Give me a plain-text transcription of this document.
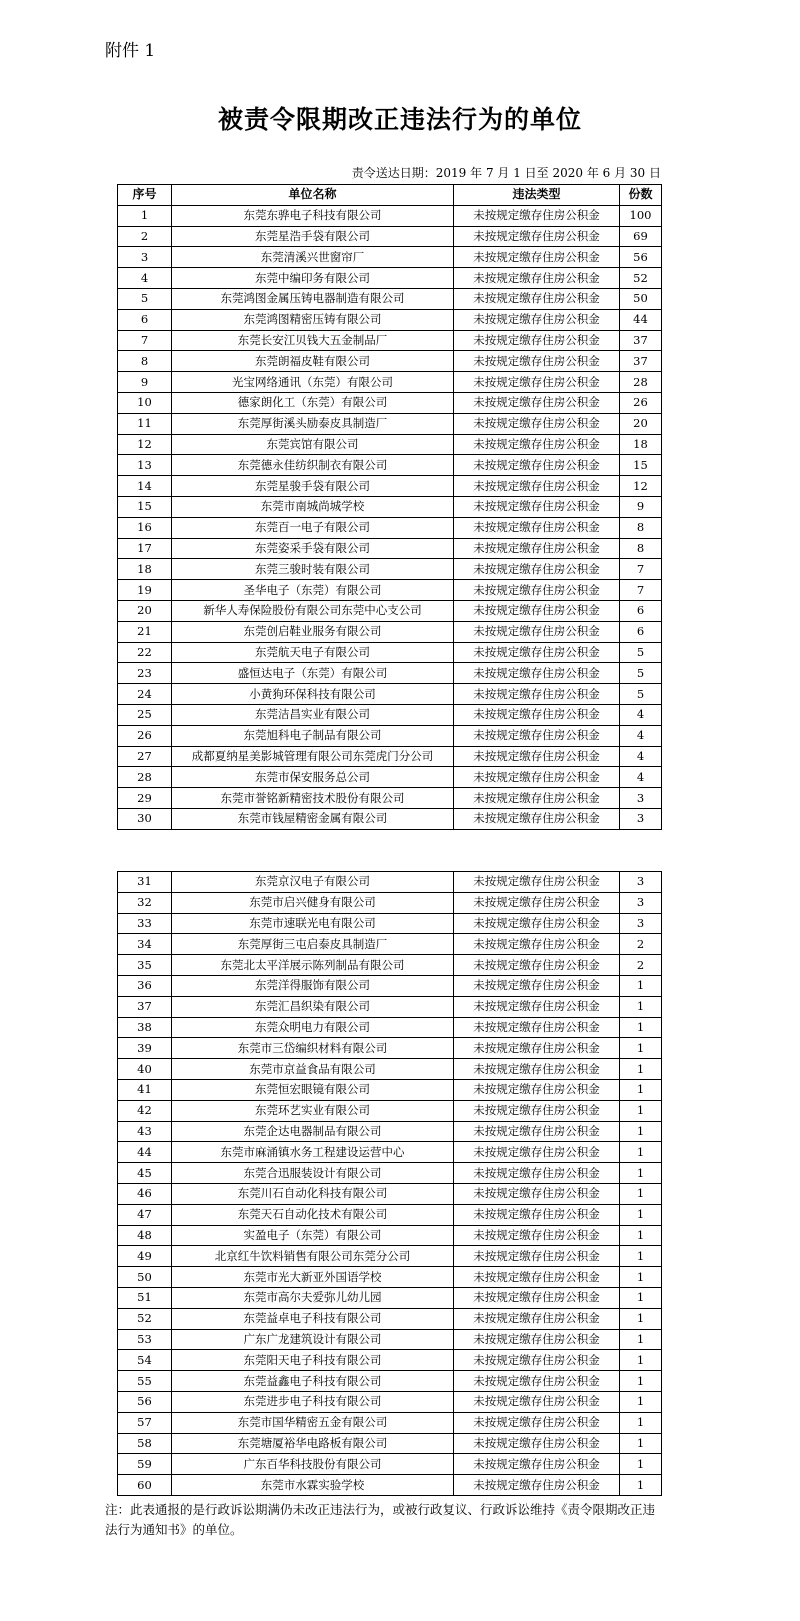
附件 1
被责令限期改正违法行为的单位
责令送达日期：2019 年 7 月 1 日至 2020 年 6 月 30 日
序号	单位名称	违法类型	份数
1	东莞东骅电子科技有限公司	未按规定缴存住房公积金	100
2	东莞星浩手袋有限公司	未按规定缴存住房公积金	69
3	东莞清溪兴世窗帘厂	未按规定缴存住房公积金	56
4	东莞中编印务有限公司	未按规定缴存住房公积金	52
5	东莞鸿图金属压铸电器制造有限公司	未按规定缴存住房公积金	50
6	东莞鸿图精密压铸有限公司	未按规定缴存住房公积金	44
7	东莞长安江贝钱大五金制品厂	未按规定缴存住房公积金	37
8	东莞朗福皮鞋有限公司	未按规定缴存住房公积金	37
9	光宝网络通讯（东莞）有限公司	未按规定缴存住房公积金	28
10	德家朗化工（东莞）有限公司	未按规定缴存住房公积金	26
11	东莞厚街溪头励泰皮具制造厂	未按规定缴存住房公积金	20
12	东莞宾馆有限公司	未按规定缴存住房公积金	18
13	东莞德永佳纺织制衣有限公司	未按规定缴存住房公积金	15
14	东莞星骏手袋有限公司	未按规定缴存住房公积金	12
15	东莞市南城尚城学校	未按规定缴存住房公积金	9
16	东莞百一电子有限公司	未按规定缴存住房公积金	8
17	东莞姿采手袋有限公司	未按规定缴存住房公积金	8
18	东莞三骏时装有限公司	未按规定缴存住房公积金	7
19	圣华电子（东莞）有限公司	未按规定缴存住房公积金	7
20	新华人寿保险股份有限公司东莞中心支公司	未按规定缴存住房公积金	6
21	东莞创启鞋业服务有限公司	未按规定缴存住房公积金	6
22	东莞航天电子有限公司	未按规定缴存住房公积金	5
23	盛恒达电子（东莞）有限公司	未按规定缴存住房公积金	5
24	小黄狗环保科技有限公司	未按规定缴存住房公积金	5
25	东莞洁昌实业有限公司	未按规定缴存住房公积金	4
26	东莞旭科电子制品有限公司	未按规定缴存住房公积金	4
27	成都夏纳星美影城管理有限公司东莞虎门分公司	未按规定缴存住房公积金	4
28	东莞市保安服务总公司	未按规定缴存住房公积金	4
29	东莞市誉铭新精密技术股份有限公司	未按规定缴存住房公积金	3
30	东莞市钱屋精密金属有限公司	未按规定缴存住房公积金	3
31	东莞京汉电子有限公司	未按规定缴存住房公积金	3
32	东莞市启兴健身有限公司	未按规定缴存住房公积金	3
33	东莞市速联光电有限公司	未按规定缴存住房公积金	3
34	东莞厚街三屯启泰皮具制造厂	未按规定缴存住房公积金	2
35	东莞北太平洋展示陈列制品有限公司	未按规定缴存住房公积金	2
36	东莞洋得服饰有限公司	未按规定缴存住房公积金	1
37	东莞汇昌织染有限公司	未按规定缴存住房公积金	1
38	东莞众明电力有限公司	未按规定缴存住房公积金	1
39	东莞市三岱编织材料有限公司	未按规定缴存住房公积金	1
40	东莞市京益食品有限公司	未按规定缴存住房公积金	1
41	东莞恒宏眼镜有限公司	未按规定缴存住房公积金	1
42	东莞环艺实业有限公司	未按规定缴存住房公积金	1
43	东莞企达电器制品有限公司	未按规定缴存住房公积金	1
44	东莞市麻涌镇水务工程建设运营中心	未按规定缴存住房公积金	1
45	东莞合迅服装设计有限公司	未按规定缴存住房公积金	1
46	东莞川石自动化科技有限公司	未按规定缴存住房公积金	1
47	东莞天石自动化技术有限公司	未按规定缴存住房公积金	1
48	实盈电子（东莞）有限公司	未按规定缴存住房公积金	1
49	北京红牛饮料销售有限公司东莞分公司	未按规定缴存住房公积金	1
50	东莞市光大新亚外国语学校	未按规定缴存住房公积金	1
51	东莞市高尔夫爱弥儿幼儿园	未按规定缴存住房公积金	1
52	东莞益卓电子科技有限公司	未按规定缴存住房公积金	1
53	广东广龙建筑设计有限公司	未按规定缴存住房公积金	1
54	东莞阳天电子科技有限公司	未按规定缴存住房公积金	1
55	东莞益鑫电子科技有限公司	未按规定缴存住房公积金	1
56	东莞进步电子科技有限公司	未按规定缴存住房公积金	1
57	东莞市国华精密五金有限公司	未按规定缴存住房公积金	1
58	东莞塘厦裕华电路板有限公司	未按规定缴存住房公积金	1
59	广东百华科技股份有限公司	未按规定缴存住房公积金	1
60	东莞市水霖实验学校	未按规定缴存住房公积金	1
注：此表通报的是行政诉讼期满仍未改正违法行为，或被行政复议、行政诉讼维持《责令限期改正违法行为通知书》的单位。
